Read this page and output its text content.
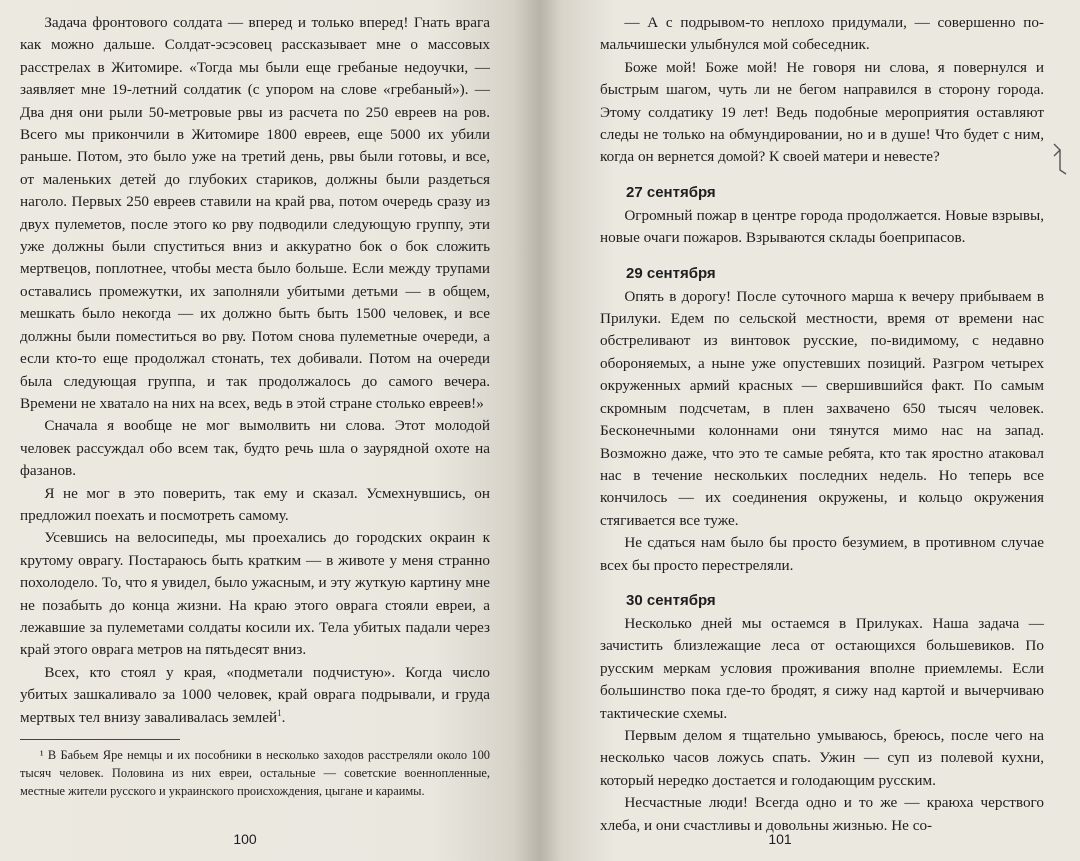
Задача фронтового солдата — вперед и только вперед! Гнать врага как можно дальше. Солдат-эсэсовец рассказывает мне о массовых расстрелах в Житомире. «Тогда мы были еще гребаные недоучки, — заявляет мне 19-летний солдатик (с упором на слове «гребаный»). — Два дня они рыли 50-метровые рвы из расчета по 250 евреев на ров. Всего мы прикончили в Житомире 1800 евреев, еще 5000 их убили раньше. Потом, это было уже на третий день, рвы были готовы, и все, от маленьких детей до глубоких стариков, должны были раздеться наголо. Первых 250 евреев ставили на край рва, потом очередь сразу из двух пулеметов, после этого ко рву подводили следующую группу, эти уже должны были спуститься вниз и аккуратно бок о бок сложить мертвецов, поплотнее, чтобы места было больше. Если между трупами оставались промежутки, их заполняли убитыми детьми — в общем, мешкать было некогда — их должно быть быть 1500 человек, и все должны были поместиться во рву. Потом снова пулеметные очереди, а если кто-то еще продолжал стонать, тех добивали. Потом на очереди была следующая группа, и так продолжалось до самого вечера. Времени не хватало на них на всех, ведь в этой стране столько евреев!»

Сначала я вообще не мог вымолвить ни слова. Этот молодой человек рассуждал обо всем так, будто речь шла о заурядной охоте на фазанов.

Я не мог в это поверить, так ему и сказал. Усмехнувшись, он предложил поехать и посмотреть самому.

Усевшись на велосипеды, мы проехались до городских окраин к крутому оврагу. Постараюсь быть кратким — в животе у меня странно похолодело. То, что я увидел, было ужасным, и эту жуткую картину мне не позабыть до конца жизни. На краю этого оврага стояли евреи, а лежавшие за пулеметами солдаты косили их. Тела убитых падали через край этого оврага метров на пятьдесят вниз.

Всех, кто стоял у края, «подметали подчистую». Когда число убитых зашкаливало за 1000 человек, край оврага подрывали, и груда мертвых тел внизу заваливалась землей$^1$.

¹ В Бабьем Яре немцы и их пособники в несколько заходов расстреляли около 100 тысяч человек. Половина из них евреи, остальные — советские военнопленные, местные жители русского и украинского происхождения, цыгане и караимы.

100

— А с подрывом-то неплохо придумали, — совершенно по-мальчишески улыбнулся мой собеседник.

Боже мой! Боже мой! Не говоря ни слова, я повернулся и быстрым шагом, чуть ли не бегом направился в сторону города. Этому солдатику 19 лет! Ведь подобные мероприятия оставляют следы не только на обмундировании, но и в душе! Что будет с ним, когда он вернется домой? К своей матери и невесте?

27 сентября

Огромный пожар в центре города продолжается. Новые взрывы, новые очаги пожаров. Взрываются склады боеприпасов.

29 сентября

Опять в дорогу! После суточного марша к вечеру прибываем в Прилуки. Едем по сельской местности, время от времени нас обстреливают из винтовок русские, по-видимому, с недавно обороняемых, а ныне уже опустевших позиций. Разгром четырех окруженных армий красных — свершившийся факт. По самым скромным подсчетам, в плен захвачено 650 тысяч человек. Бесконечными колоннами они тянутся мимо нас на запад. Возможно даже, что это те самые ребята, кто так яростно атаковал нас в течение нескольких последних недель. Но теперь все кончилось — их соединения окружены, и кольцо окружения стягивается все туже.

Не сдаться нам было бы просто безумием, в противном случае всех бы просто перестреляли.

30 сентября

Несколько дней мы остаемся в Прилуках. Наша задача — зачистить близлежащие леса от остающихся большевиков. По русским меркам условия проживания вполне приемлемы. Если большинство пока где-то бродят, я сижу над картой и вычерчиваю тактические схемы.

Первым делом я тщательно умываюсь, бреюсь, после чего на несколько часов ложусь спать. Ужин — суп из полевой кухни, который нередко достается и голодающим русским.

Несчастные люди! Всегда одно и то же — краюха черствого хлеба, и они счастливы и довольны жизнью. Не со-

101
